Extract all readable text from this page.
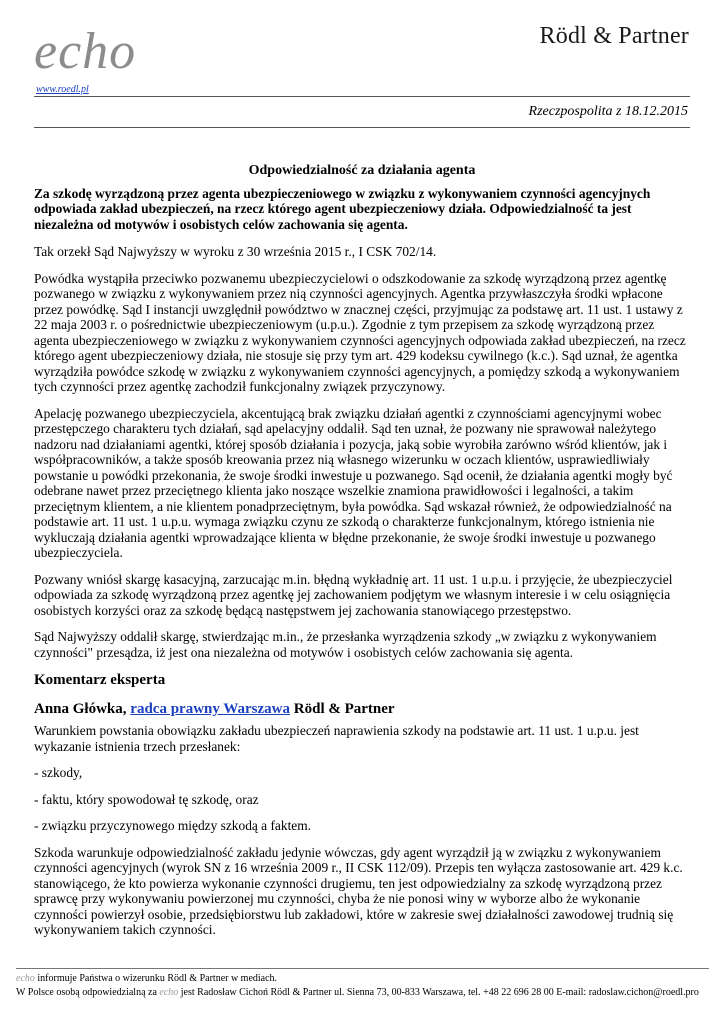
echo
www.roedl.pl
Rödl & Partner
Rzeczpospolita z 18.12.2015
Odpowiedzialność za działania agenta

Za szkodę wyrządzoną przez agenta ubezpieczeniowego w związku z wykonywaniem czynności agencyjnych odpowiada zakład ubezpieczeń, na rzecz którego agent ubezpieczeniowy działa. Odpowiedzialność ta jest niezależna od motywów i osobistych celów zachowania się agenta.

Tak orzekł Sąd Najwyższy w wyroku z 30 września 2015 r., I CSK 702/14.

Powódka wystąpiła przeciwko pozwanemu ubezpieczycielowi o odszkodowanie za szkodę wyrządzoną przez agentkę pozwanego w związku z wykonywaniem przez nią czynności agencyjnych. Agentka przywłaszczyła środki wpłacone przez powódkę. Sąd I instancji uwzględnił powództwo w znacznej części, przyjmując za podstawę art. 11 ust. 1 ustawy z 22 maja 2003 r. o pośrednictwie ubezpieczeniowym (u.p.u.). Zgodnie z tym przepisem za szkodę wyrządzoną przez agenta ubezpieczeniowego w związku z wykonywaniem czynności agencyjnych odpowiada zakład ubezpieczeń, na rzecz którego agent ubezpieczeniowy działa, nie stosuje się przy tym art. 429 kodeksu cywilnego (k.c.). Sąd uznał, że agentka wyrządziła powódce szkodę w związku z wykonywaniem czynności agencyjnych, a pomiędzy szkodą a wykonywaniem tych czynności przez agentkę zachodził funkcjonalny związek przyczynowy.

Apelację pozwanego ubezpieczyciela, akcentującą brak związku działań agentki z czynnościami agencyjnymi wobec przestępczego charakteru tych działań, sąd apelacyjny oddalił. Sąd ten uznał, że pozwany nie sprawował należytego nadzoru nad działaniami agentki, której sposób działania i pozycja, jaką sobie wyrobiła zarówno wśród klientów, jak i współpracowników, a także sposób kreowania przez nią własnego wizerunku w oczach klientów, usprawiedliwiały powstanie u powódki przekonania, że swoje środki inwestuje u pozwanego. Sąd ocenił, że działania agentki mogły być odebrane nawet przez przeciętnego klienta jako noszące wszelkie znamiona prawidłowości i legalności, a takim przeciętnym klientem, a nie klientem ponadprzeciętnym, była powódka. Sąd wskazał również, że odpowiedzialność na podstawie art. 11 ust. 1 u.p.u. wymaga związku czynu ze szkodą o charakterze funkcjonalnym, którego istnienia nie wykluczają działania agentki wprowadzające klienta w błędne przekonanie, że swoje środki inwestuje u pozwanego ubezpieczyciela.

Pozwany wniósł skargę kasacyjną, zarzucając m.in. błędną wykładnię art. 11 ust. 1 u.p.u. i przyjęcie, że ubezpieczyciel odpowiada za szkodę wyrządzoną przez agentkę jej zachowaniem podjętym we własnym interesie i w celu osiągnięcia osobistych korzyści oraz za szkodę będącą następstwem jej zachowania stanowiącego przestępstwo.

Sąd Najwyższy oddalił skargę, stwierdzając m.in., że przesłanka wyrządzenia szkody „w związku z wykonywaniem czynności" przesądza, iż jest ona niezależna od motywów i osobistych celów zachowania się agenta.

Komentarz eksperta
Anna Główka, radca prawny Warszawa Rödl & Partner

Warunkiem powstania obowiązku zakładu ubezpieczeń naprawienia szkody na podstawie art. 11 ust. 1 u.p.u. jest wykazanie istnienia trzech przesłanek:

- szkody,

- faktu, który spowodował tę szkodę, oraz

- związku przyczynowego między szkodą a faktem.

Szkoda warunkuje odpowiedzialność zakładu jedynie wówczas, gdy agent wyrządził ją w związku z wykonywaniem czynności agencyjnych (wyrok SN z 16 września 2009 r., II CSK 112/09). Przepis ten wyłącza zastosowanie art. 429 k.c. stanowiącego, że kto powierza wykonanie czynności drugiemu, ten jest odpowiedzialny za szkodę wyrządzoną przez sprawcę przy wykonywaniu powierzonej mu czynności, chyba że nie ponosi winy w wyborze albo że wykonanie czynności powierzył osobie, przedsiębiorstwu lub zakładowi, które w zakresie swej działalności zawodowej trudnią się wykonywaniem takich czynności.

echo informuje Państwa o wizerunku Rödl & Partner w mediach.
W Polsce osobą odpowiedzialną za echo jest Radosław Cichoń Rödl & Partner ul. Sienna 73, 00-833 Warszawa, tel. +48 22 696 28 00 E-mail: radoslaw.cichon@roedl.pro
